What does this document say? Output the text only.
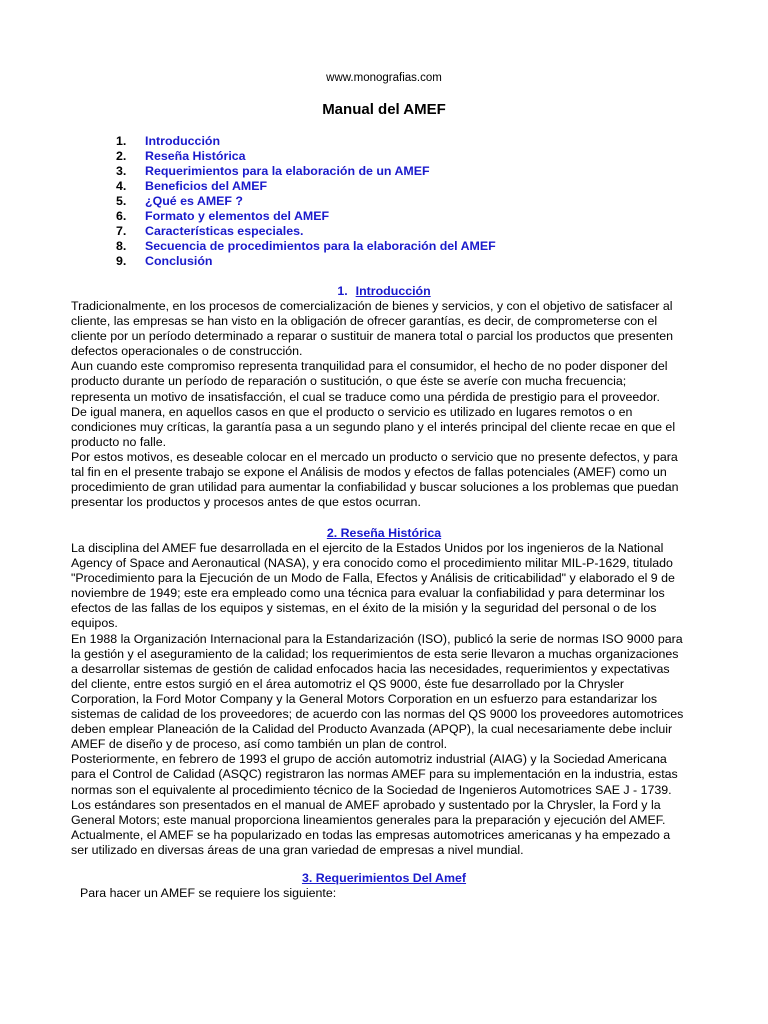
www.monografias.com
Manual del AMEF
1.	Introducción
2.	Reseña Histórica
3.	Requerimientos para la elaboración de un AMEF
4.	Beneficios del AMEF
5.	¿Qué es AMEF ?
6.	Formato y elementos del AMEF
7.	Características especiales.
8.	Secuencia de procedimientos para la elaboración del AMEF
9.	Conclusión
1. Introducción

Tradicionalmente, en los procesos de comercialización de bienes y servicios, y con el objetivo de satisfacer al

cliente, las empresas se han visto en la obligación de ofrecer garantías, es decir, de comprometerse con el

cliente por un período determinado a reparar o sustituir de manera total o parcial los productos que presenten

defectos operacionales o de construcción.

Aun cuando este compromiso representa tranquilidad para el consumidor, el hecho de no poder disponer del

producto durante un período de reparación o sustitución, o que éste se averíe con mucha frecuencia;

representa un motivo de insatisfacción, el cual se traduce como una pérdida de prestigio para el proveedor.

De igual manera, en aquellos casos en que el producto o servicio es utilizado en lugares remotos o en

condiciones muy críticas, la garantía pasa a un segundo plano y el interés principal del cliente recae en que el

producto no falle.

Por estos motivos, es deseable colocar en el mercado un producto o servicio que no presente defectos, y para

tal fin en el presente trabajo se expone el Análisis de modos y efectos de fallas potenciales (AMEF) como un

procedimiento de gran utilidad para aumentar la confiabilidad y buscar soluciones a los problemas que puedan

presentar los productos y procesos antes de que estos ocurran.

2. Reseña Histórica

La disciplina del AMEF fue desarrollada en el ejercito de la Estados Unidos por los ingenieros de la National

Agency of Space and Aeronautical (NASA), y era conocido como el procedimiento militar MIL-P-1629, titulado

"Procedimiento para la Ejecución de un Modo de Falla, Efectos y Análisis de criticabilidad" y elaborado el 9 de

noviembre de 1949; este era empleado como una técnica para evaluar la confiabilidad y para determinar los

efectos de las fallas de los equipos y sistemas, en el éxito de la misión y la seguridad del personal o de los

equipos.

En 1988 la Organización Internacional para la Estandarización (ISO), publicó la serie de normas ISO 9000 para

la gestión y el aseguramiento de la calidad; los requerimientos de esta serie llevaron a muchas organizaciones

a desarrollar sistemas de gestión de calidad enfocados hacia las necesidades, requerimientos y expectativas

del cliente, entre estos surgió en el área automotriz el QS 9000, éste fue desarrollado por la Chrysler

Corporation, la Ford Motor Company y la General Motors Corporation en un esfuerzo para estandarizar los

sistemas de calidad de los proveedores; de acuerdo con las normas del QS 9000 los proveedores automotrices

deben emplear Planeación de la Calidad del Producto Avanzada (APQP), la cual necesariamente debe incluir

AMEF de diseño y de proceso, así como también un plan de control.

Posteriormente, en febrero de 1993 el grupo de acción automotriz industrial (AIAG) y la Sociedad Americana

para el Control de Calidad (ASQC) registraron las normas AMEF para su implementación en la industria, estas

normas son el equivalente al procedimiento técnico de la Sociedad de Ingenieros Automotrices SAE J - 1739.

Los estándares son presentados en el manual de AMEF aprobado y sustentado por la Chrysler, la Ford y la

General Motors; este manual proporciona lineamientos generales para la preparación y ejecución del AMEF.

Actualmente, el AMEF se ha popularizado en todas las empresas automotrices americanas y ha empezado a

ser utilizado en diversas áreas de una gran variedad de empresas a nivel mundial.

3. Requerimientos Del Amef

Para hacer un AMEF se requiere los siguiente:
